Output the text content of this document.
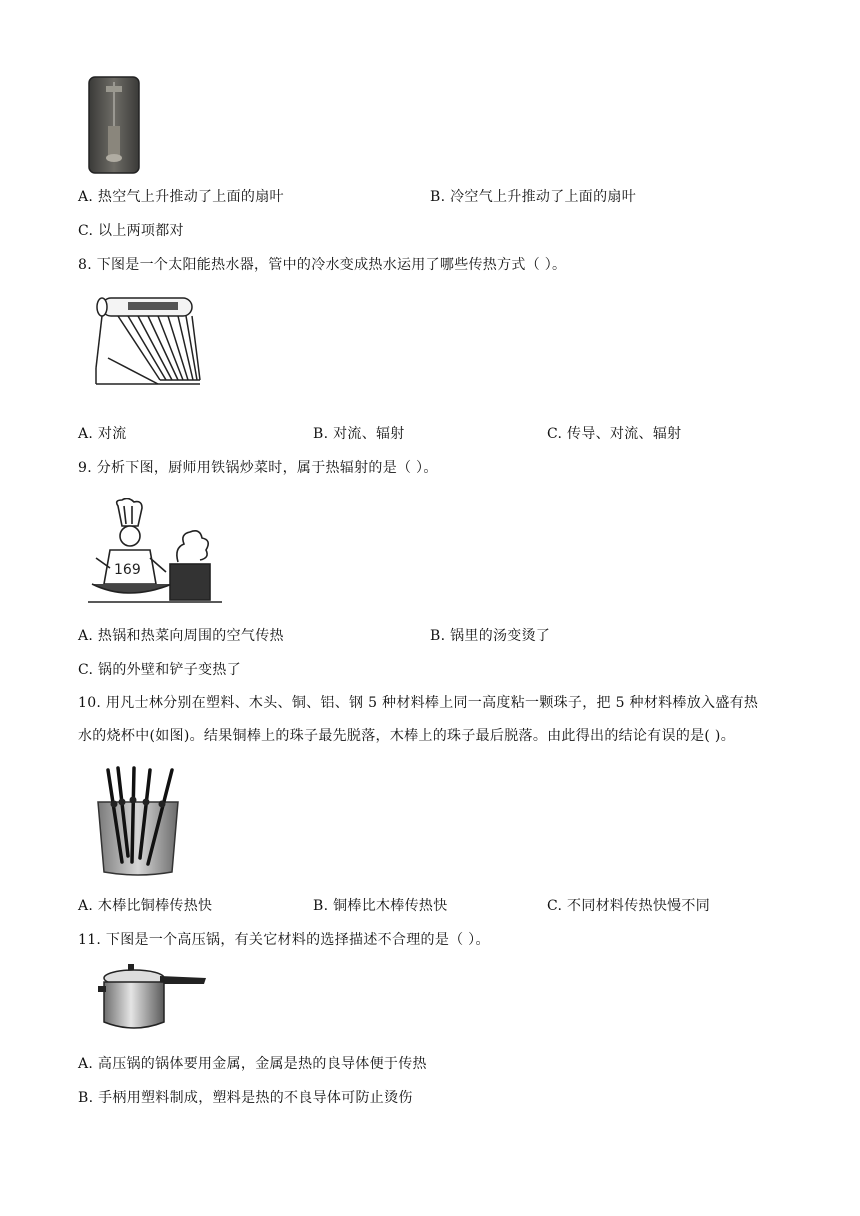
A. 热空气上升推动了上面的扇叶	B. 冷空气上升推动了上面的扇叶
C. 以上两项都对
8. 下图是一个太阳能热水器，管中的冷水变成热水运用了哪些传热方式（ ）。
A. 对流	B. 对流、辐射	C. 传导、对流、辐射
9. 分析下图，厨师用铁锅炒菜时，属于热辐射的是（ ）。
169
A. 热锅和热菜向周围的空气传热	B. 锅里的汤变烫了
C. 锅的外壁和铲子变热了
10. 用凡士林分别在塑料、木头、铜、铝、钢 5 种材料棒上同一高度粘一颗珠子，把 5 种材料棒放入盛有热
水的烧杯中(如图)。结果铜棒上的珠子最先脱落，木棒上的珠子最后脱落。由此得出的结论有误的是( )。
A. 木棒比铜棒传热快	B. 铜棒比木棒传热快	C. 不同材料传热快慢不同
11. 下图是一个高压锅，有关它材料的选择描述不合理的是（ ）。
A. 高压锅的锅体要用金属，金属是热的良导体便于传热
B. 手柄用塑料制成，塑料是热的不良导体可防止烫伤
